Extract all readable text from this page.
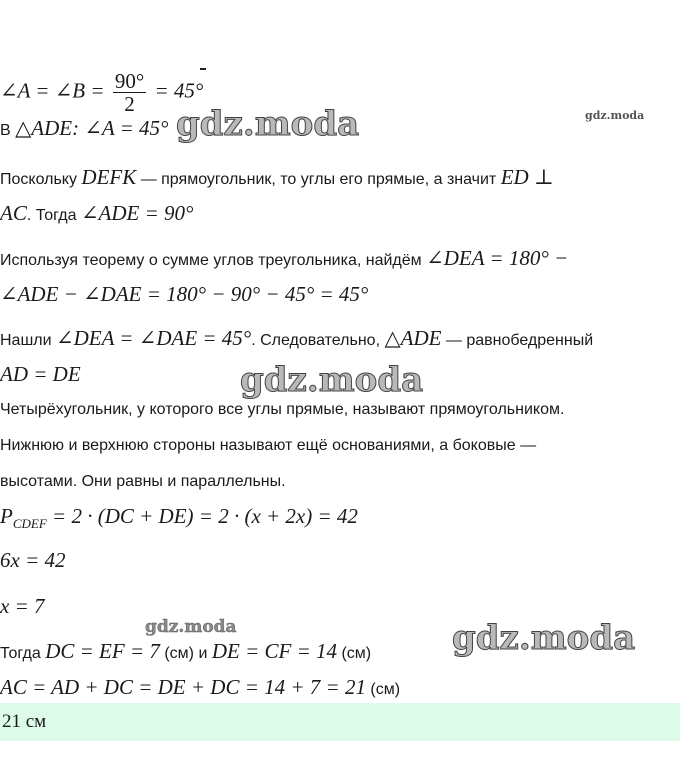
∠A = ∠B = $\frac{90^\circ}{2} = 45^\circ$
В △ADE: ∠A = 45°
Поскольку DEFK — прямоугольник, то углы его прямые, а значит ED ⊥
AC. Тогда ∠ADE = 90°
Используя теорему о сумме углов треугольника, найдём ∠DEA = 180° −
∠ADE − ∠DAE = 180° − 90° − 45° = 45°
Нашли ∠DEA = ∠DAE = 45°. Следовательно, △ADE — равнобедренный
AD = DE
Четырёхугольник, у которого все углы прямые, называют прямоугольником.
Нижнюю и верхнюю стороны называют ещё основаниями, а боковые —
высотами. Они равны и параллельны.
$P_{CDEF} = 2 \cdot (DC + DE) = 2 \cdot (x + 2x) = 42$
6x = 42
x = 7
Тогда DC = EF = 7 (см) и DE = CF = 14 (см)
AC = AD + DC = DE + DC = 14 + 7 = 21 (см)
21 см
gdz.moda	gdz.moda
gdz.moda
gdz.moda	gdz.moda
